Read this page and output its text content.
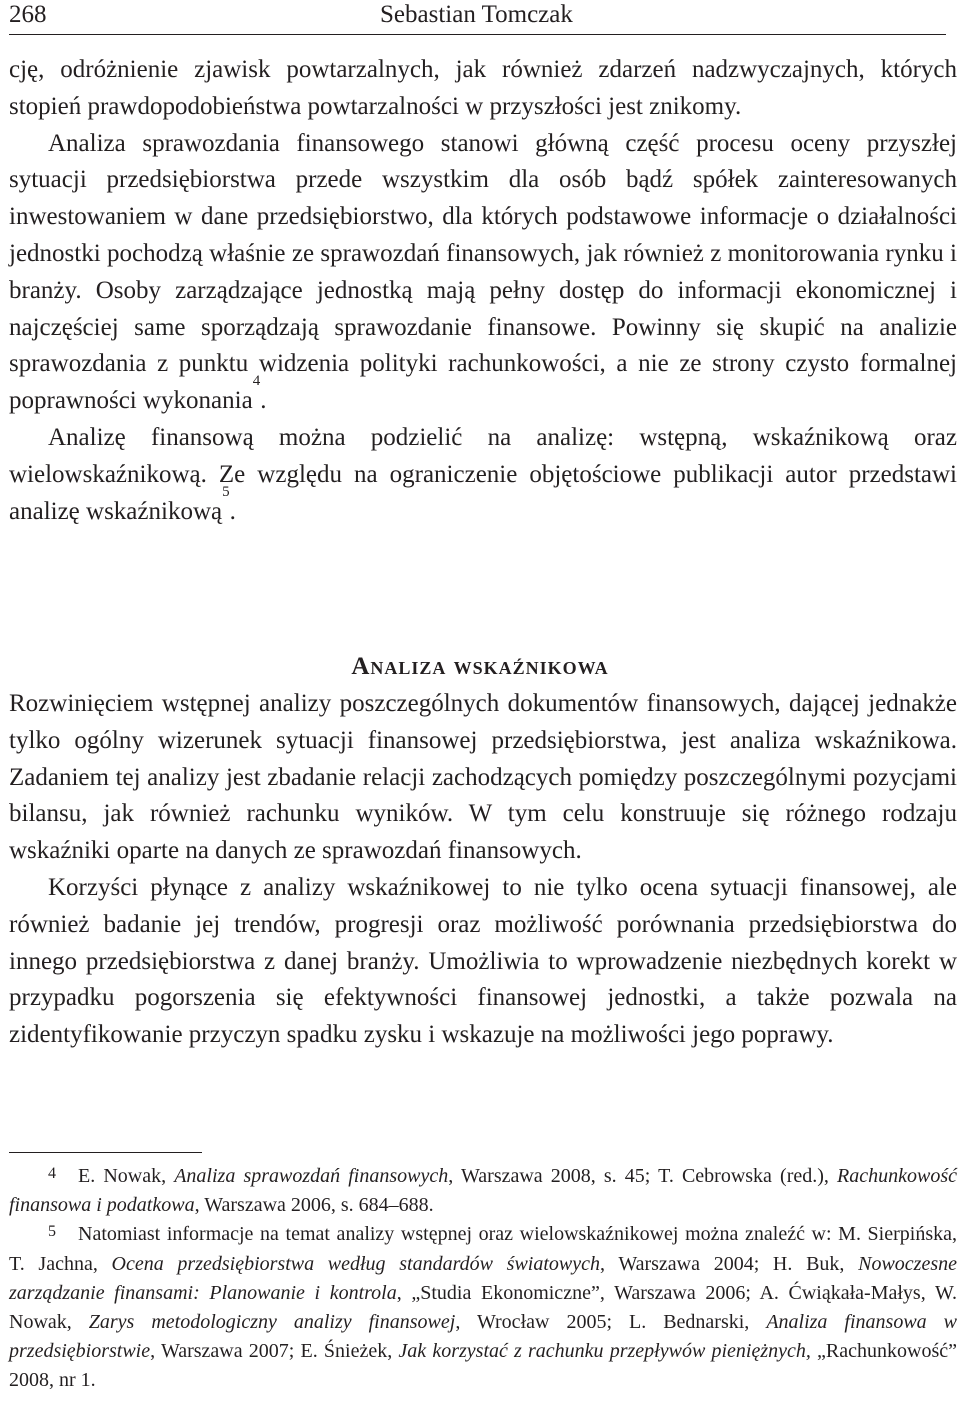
268	Sebastian Tomczak

cję, odróżnienie zjawisk powtarzalnych, jak również zdarzeń nadzwyczajnych, których stopień prawdopodobieństwa powtarzalności w przyszłości jest znikomy.

Analiza sprawozdania finansowego stanowi główną część procesu oceny przyszłej sytuacji przedsiębiorstwa przede wszystkim dla osób bądź spółek zainteresowanych inwestowaniem w dane przedsiębiorstwo, dla których podstawowe informacje o działalności jednostki pochodzą właśnie ze sprawozdań finansowych, jak również z monitorowania rynku i branży. Osoby zarządzające jednostką mają pełny dostęp do informacji ekonomicznej i najczęściej same sporządzają sprawozdanie finansowe. Powinny się skupić na analizie sprawozdania z punktu widzenia polityki rachunkowości, a nie ze strony czysto formalnej poprawności wykonania$^4$.

Analizę finansową można podzielić na analizę: wstępną, wskaźnikową oraz wielowskaźnikową. Ze względu na ograniczenie objętościowe publikacji autor przedstawi analizę wskaźnikową$^5$.

Analiza wskaźnikowa

Rozwinięciem wstępnej analizy poszczególnych dokumentów finansowych, dającej jednakże tylko ogólny wizerunek sytuacji finansowej przedsiębiorstwa, jest analiza wskaźnikowa. Zadaniem tej analizy jest zbadanie relacji zachodzących pomiędzy poszczególnymi pozycjami bilansu, jak również rachunku wyników. W tym celu konstruuje się różnego rodzaju wskaźniki oparte na danych ze sprawozdań finansowych.

Korzyści płynące z analizy wskaźnikowej to nie tylko ocena sytuacji finansowej, ale również badanie jej trendów, progresji oraz możliwość porównania przedsiębiorstwa do innego przedsiębiorstwa z danej branży. Umożliwia to wprowadzenie niezbędnych korekt w przypadku pogorszenia się efektywności finansowej jednostki, a także pozwala na zidentyfikowanie przyczyn spadku zysku i wskazuje na możliwości jego poprawy.

4 E. Nowak, Analiza sprawozdań finansowych, Warszawa 2008, s. 45; T. Cebrowska (red.), Rachunkowość finansowa i podatkowa, Warszawa 2006, s. 684–688.

5 Natomiast informacje na temat analizy wstępnej oraz wielowskaźnikowej można znaleźć w: M. Sierpińska, T. Jachna, Ocena przedsiębiorstwa według standardów światowych, Warszawa 2004; H. Buk, Nowoczesne zarządzanie finansami: Planowanie i kontrola, „Studia Ekonomiczne”, Warszawa 2006; A. Ćwiąkała-Małys, W. Nowak, Zarys metodologiczny analizy finansowej, Wrocław 2005; L. Bednarski, Analiza finansowa w przedsiębiorstwie, Warszawa 2007; E. Śnieżek, Jak korzystać z rachunku przepływów pieniężnych, „Rachunkowość” 2008, nr 1.
